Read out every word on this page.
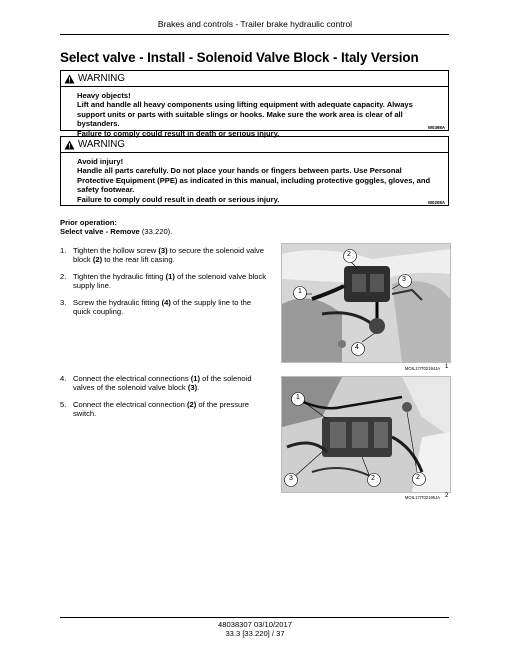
Brakes and controls - Trailer brake hydraulic control
Select valve - Install - Solenoid Valve Block - Italy Version
WARNING
Heavy objects!
Lift and handle all heavy components using lifting equipment with adequate capacity. Always support units or parts with suitable slings or hooks. Make sure the work area is clear of all bystanders.
Failure to comply could result in death or serious injury.
W0398A
WARNING
Avoid injury!
Handle all parts carefully. Do not place your hands or fingers between parts. Use Personal Protective Equipment (PPE) as indicated in this manual, including protective goggles, gloves, and safety footwear.
Failure to comply could result in death or serious injury.	W0208A
Prior operation:
Select valve - Remove (33.220).
1. Tighten the hollow screw (3) to secure the solenoid valve block (2) to the rear lift casing.
2. Tighten the hydraulic fitting (1) of the solenoid valve block supply line.
3. Screw the hydraulic fitting (4) of the supply line to the quick coupling.
2
3
1
4
MOIL17IT02194JA 1
4. Connect the electrical connections (1) of the solenoid valves of the solenoid valve block (3).
5. Connect the electrical connection (2) of the pressure switch.
1
2
3	2
MOIL17IT02195JA 2
48038307 03/10/2017
33.3 [33.220] / 37
